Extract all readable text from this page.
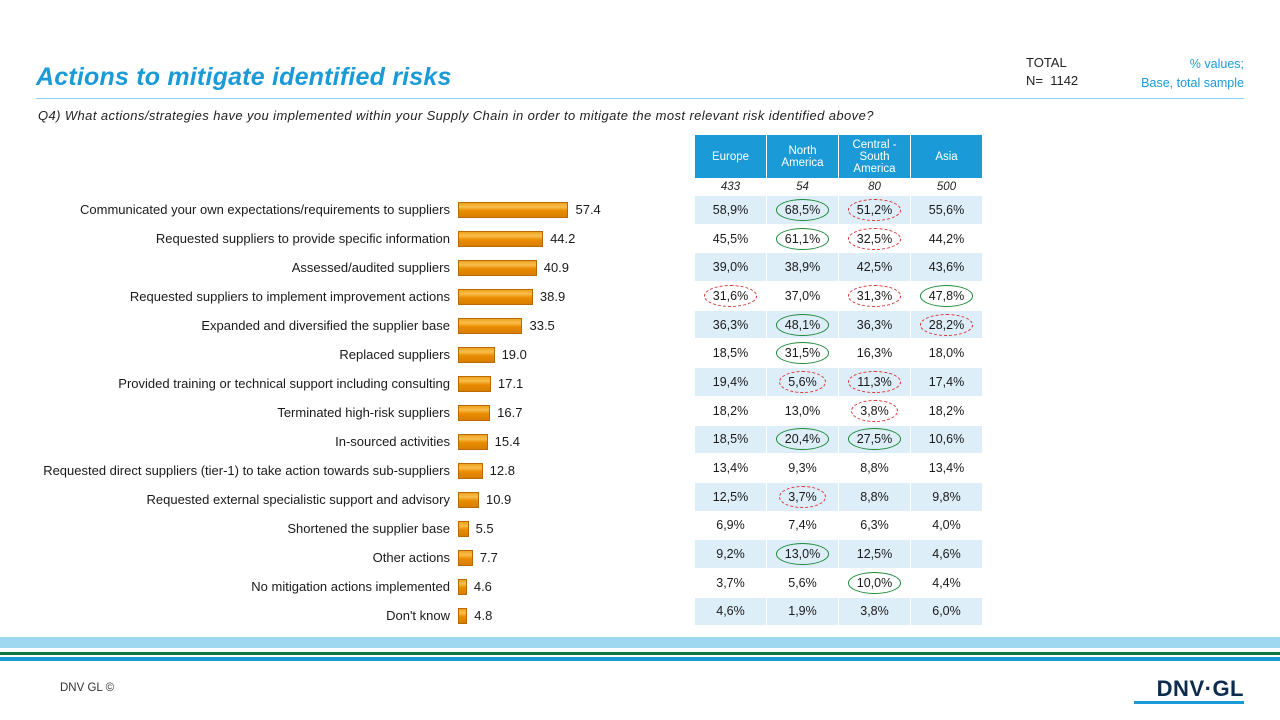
Actions to mitigate identified risks
TOTAL
N=  1142
% values;
Base, total sample
Q4) What actions/strategies have you implemented within your Supply Chain in order to mitigate the most relevant risk identified above?
Communicated your own expectations/requirements to suppliers	57.4
Requested suppliers to provide specific information	44.2
Assessed/audited suppliers	40.9
Requested suppliers to implement improvement actions	38.9
Expanded and diversified the supplier base	33.5
Replaced suppliers	19.0
Provided training or technical support including consulting	17.1
Terminated high-risk suppliers	16.7
In-sourced activities	15.4
Requested direct suppliers (tier-1) to take action towards sub-suppliers	12.8
Requested external specialistic support and advisory	10.9
Shortened the supplier base	5.5
Other actions	7.7
No mitigation actions implemented	4.6
Don't know	4.8
Europe	North America	Central - South America	Asia
433	54	80	500
58,9%	68,5%	51,2%	55,6%
45,5%	61,1%	32,5%	44,2%
39,0%	38,9%	42,5%	43,6%
31,6%	37,0%	31,3%	47,8%
36,3%	48,1%	36,3%	28,2%
18,5%	31,5%	16,3%	18,0%
19,4%	5,6%	11,3%	17,4%
18,2%	13,0%	3,8%	18,2%
18,5%	20,4%	27,5%	10,6%
13,4%	9,3%	8,8%	13,4%
12,5%	3,7%	8,8%	9,8%
6,9%	7,4%	6,3%	4,0%
9,2%	13,0%	12,5%	4,6%
3,7%	5,6%	10,0%	4,4%
4,6%	1,9%	3,8%	6,0%
DNV GL ©	DNV·GL
